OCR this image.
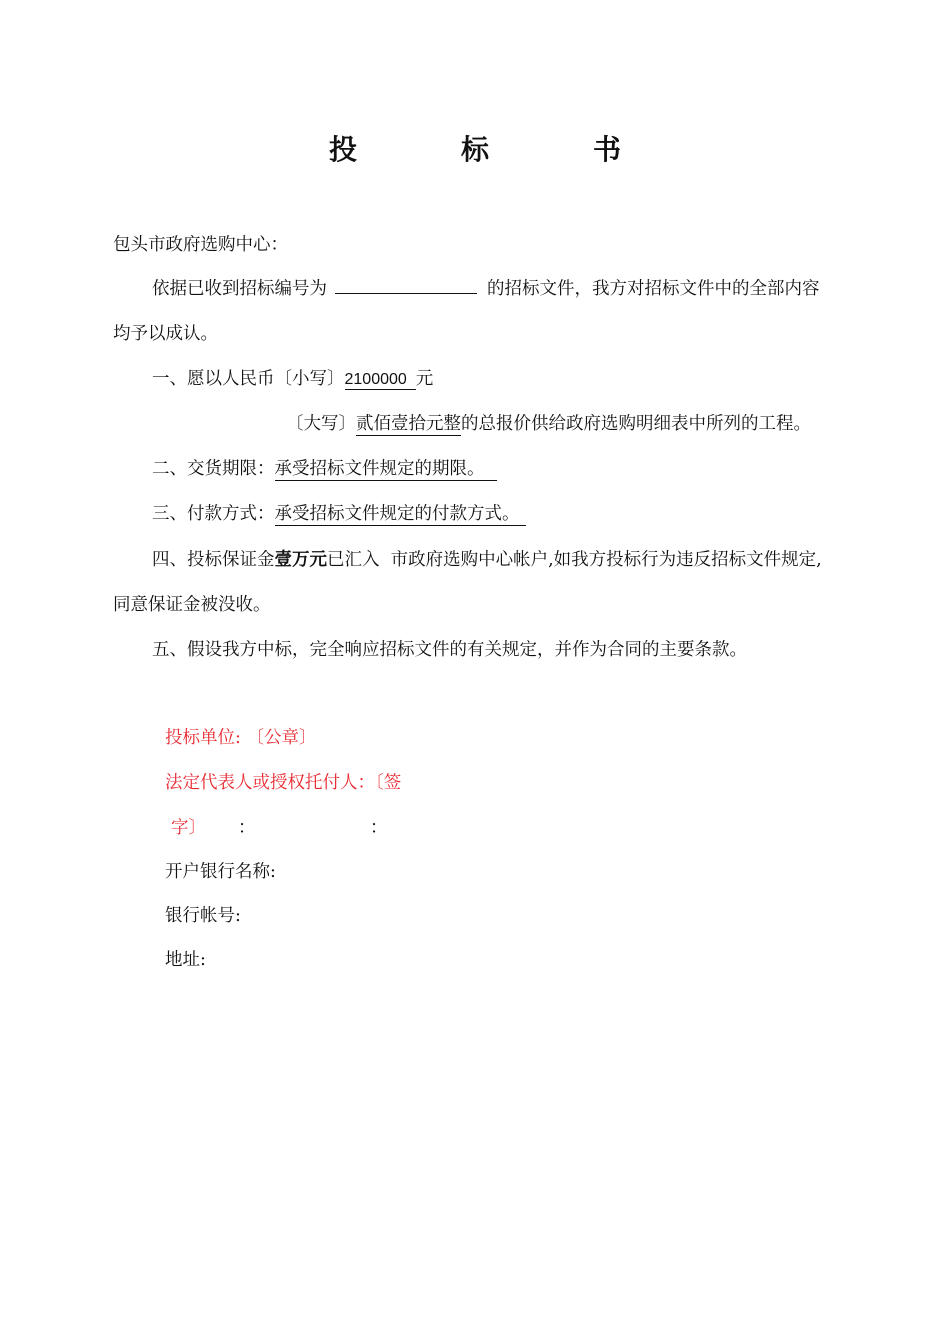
投　标　书
包头市政府选购中心：
依据已收到招标编号为	的招标文件，我方对招标文件中的全部内容
均予以成认。
一、愿以人民币〔小写〕2100000 元
〔大写〕贰佰壹拾元整的总报价供给政府选购明细表中所列的工程。
二、交货期限：承受招标文件规定的期限。
三、付款方式：承受招标文件规定的付款方式。
四、投标保证金壹万元已汇入  市政府选购中心帐户,如我方投标行为违反招标文件规定,
同意保证金被没收。
五、假设我方中标，完全响应招标文件的有关规定，并作为合同的主要条款。
投标单位: 〔公章〕
法定代表人或授权托付人：〔签
字〕 ：	：
开户银行名称:
银行帐号:
地址:
